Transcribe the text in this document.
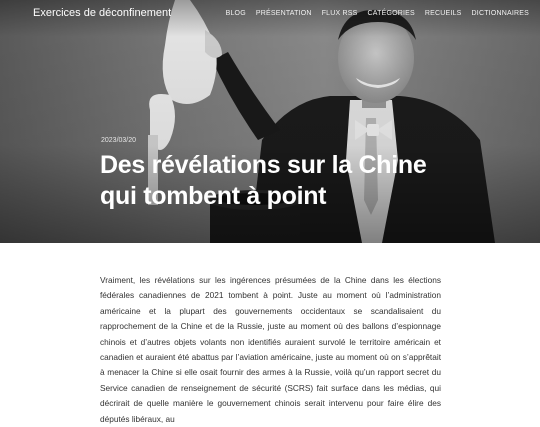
Exercices de déconfinement	BLOG PRÉSENTATION FLUX RSS CATÉGORIES RECUEILS DICTIONNAIRES
2023/03/20
Des révélations sur la Chine qui tombent à point

Vraiment, les révélations sur les ingérences présumées de la Chine dans les élections fédérales canadiennes de 2021 tombent à point. Juste au moment où l’administration américaine et la plupart des gouvernements occidentaux se scandalisaient du rapprochement de la Chine et de la Russie, juste au moment où des ballons d’espionnage chinois et d’autres objets volants non identifiés auraient survolé le territoire américain et canadien et auraient été abattus par l’aviation américaine, juste au moment où on s’apprêtait à menacer la Chine si elle osait fournir des armes à la Russie, voilà qu’un rapport secret du Service canadien de renseignement de sécurité (SCRS) fait surface dans les médias, qui décrirait de quelle manière le gouvernement chinois serait intervenu pour faire élire des députés libéraux, au
